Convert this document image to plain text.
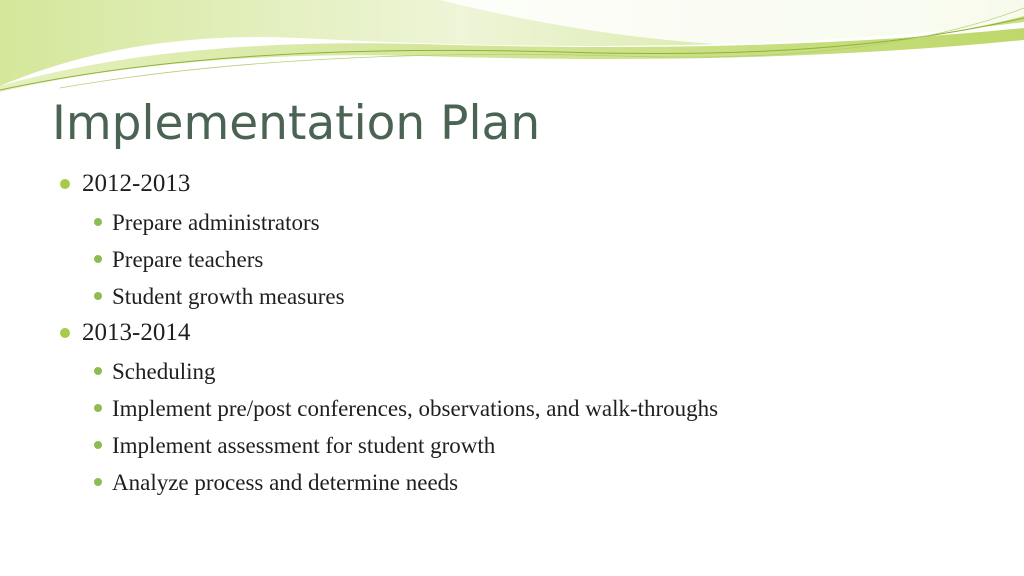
Implementation Plan
2012-2013
Prepare administrators
Prepare teachers
Student growth measures
2013-2014
Scheduling
Implement pre/post conferences, observations, and walk-throughs
Implement assessment for student growth
Analyze process and determine needs
